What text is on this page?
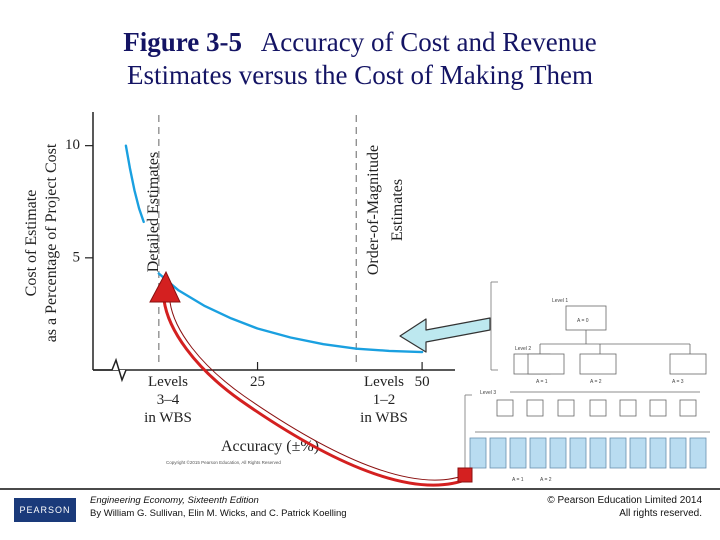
Figure 3-5 Accuracy of Cost and Revenue
Estimates versus the Cost of Making Them
5
10
25	50
Detailed Estimates	Order-of-Magnitude Estimates
Cost of Estimate as a Percentage of Project Cost
Levels
3–4
in WBS
Levels
1–2
in WBS
Accuracy (±%)
Copyright ©2015 Pearson Education, All Rights Reserved
Level 1
A = 0
Level 2
A = 1	A = 2	A = 3
Level 3
A = 1	A = 2
PEARSON
Engineering Economy, Sixteenth Edition
By William G. Sullivan, Elin M. Wicks, and C. Patrick Koelling
© Pearson Education Limited 2014
All rights reserved.
